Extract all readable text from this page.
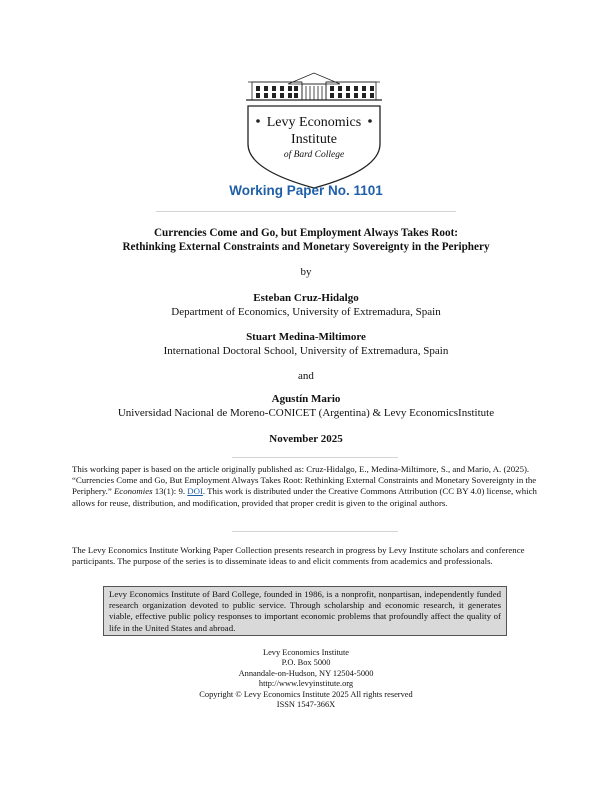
Levy Economics
Institute
of Bard College
Working Paper No. 1101
Currencies Come and Go, but Employment Always Takes Root:
Rethinking External Constraints and Monetary Sovereignty in the Periphery
by
Esteban Cruz-Hidalgo
Department of Economics, University of Extremadura, Spain
Stuart Medina-Miltimore
International Doctoral School, University of Extremadura, Spain
and
Agustín Mario
Universidad Nacional de Moreno-CONICET (Argentina) & Levy EconomicsInstitute
November 2025
This working paper is based on the article originally published as: Cruz-Hidalgo, E., Medina-Miltimore, S., and Mario, A. (2025). “Currencies Come and Go, But Employment Always Takes Root: Rethinking External Constraints and Monetary Sovereignty in the Periphery.” Economies 13(1): 9. DOI. This work is distributed under the Creative Commons Attribution (CC BY 4.0) license, which allows for reuse, distribution, and modification, provided that proper credit is given to the original authors.
The Levy Economics Institute Working Paper Collection presents research in progress by Levy Institute scholars and conference participants. The purpose of the series is to disseminate ideas to and elicit comments from academics and professionals.
Levy Economics Institute of Bard College, founded in 1986, is a nonprofit, nonpartisan, independently funded research organization devoted to public service. Through scholarship and economic research, it generates viable, effective public policy responses to important economic problems that profoundly affect the quality of life in the United States and abroad.
Levy Economics Institute
P.O. Box 5000
Annandale-on-Hudson, NY 12504-5000
http://www.levyinstitute.org
Copyright © Levy Economics Institute 2025 All rights reserved
ISSN 1547-366X
